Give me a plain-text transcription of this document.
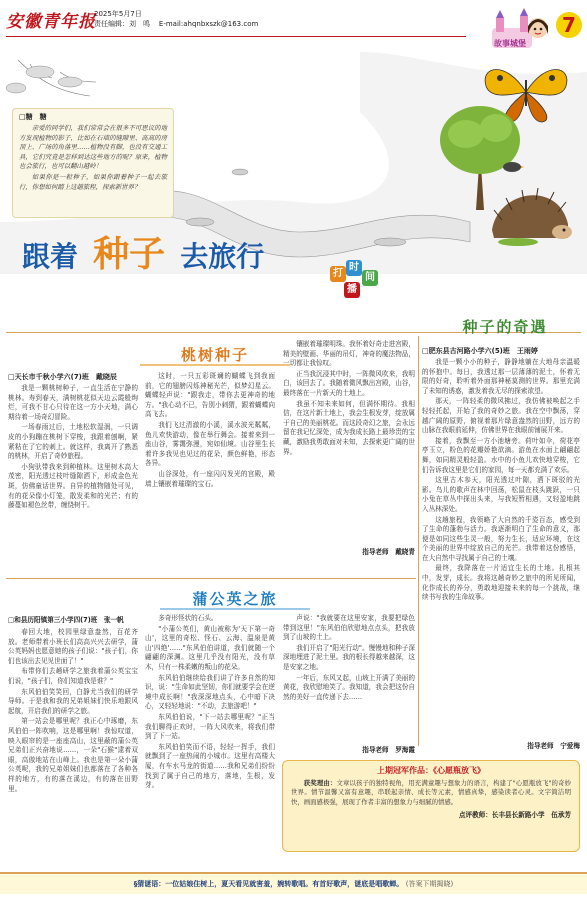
安徽青年报
2025年5月7日
责任编辑：刘　鸣 E-mail:ahqnbxszk@163.com
故事城堡
7
□糖　糖

亲爱的同学们，我们常常会在很多不可思议的地方发现植物的影子，比如在石墙的缝隙里、高高的房顶上、广场的角落里……植物没有脚，也没有交通工具，它们究竟是怎样到达这些地方的呢？原来，植物也会旅行，也可以翻山越岭！

如果你是一粒种子，如果你跟着种子一起去旅行，你想如何踏上这趟旅程，探索新世界？

跟着 种子 去旅行
打
时
间
播
桃树种子
□天长市千秋小学六(7)班　戴晓辰

我是一颗桃树种子，一直生活在宁静的桃林。寿到春天，满树桃花似天边云霞般绚烂，可我不甘心只待在这一方小天地，满心期待着一场奇幻冒险。

一场春雨过后，土地松软湿润，一只调皮的小狗蹦在桃树下穿梭，我跟着刨啊，紧紧粘在了它的刺上。就这样，我离开了熟悉的桃林，开启了奇妙旅程。

小狗驮带我来到种植林。这里树木高大茂密，阳光透过枝叶缝隙洒下，形成金色光斑，仿佛童话世界。自异的植物随处可见，有的花朵像小灯笼，散发柔和的光芒；有的藤蔓如褪色丝带，缠绕树干。

这时，一只五彩斑斓的蝴蝶飞到我面前，它的翅膀闪烁神秘光芒，似梦幻星云。蝴蝶轻声说："跟我走，带你去更神奇的地方。"我心动不已，告别小刺猬，跟着蝴蝶向高飞去。

我们飞过清澈的小溪，溪水波光粼粼，鱼儿欢快游动，像在举行舞会。接着来到一座山谷，雾霭弥漫，宛如仙境。山谷里生长着许多我见也见过的花朵，颜色鲜艳，形态各异。

山谷深处，有一座闪闪发光的宫殿，殿墙上镶嵌着璀璨的宝石。

镶嵌着璀璨明珠。我怀着好奇走进宫殿，精美的壁画、华丽的吊灯，神奇的魔法物品，一切都让我惊叹。

正当我沉浸其中时，一阵微风吹来，我明白，该回去了。我随着微风飘出宫殿，山谷，最终落在一片新天的土地上。

我虽不知未来如何，但满怀期待。我相信，在这片新土地上，我会生根发芽，绽放属于自己的美丽桃花。而这段奇幻之旅，会永远留在我记忆深处，成为我成长路上最珍贵的宝藏，激励我勇敢面对未知，去探索更广阔的世界。

指导老师　戴晓青
种子的奇遇
□肥东县古河路小学六(5)班　王雨婷

我是一颗小小的种子，静静地躺在大地母亲温暖的怀抱中。每日，我透过那一层薄薄的泥土，怀着无限的好奇，聆听着外面那神秘莫测的世界。那里充满了未知的诱惑，激发着我无尽的探索欲望。

那天，一阵轻柔的微风拂过，我仿佛被唤起之手轻轻托起，开始了我的奇妙之旅。我在空中飘荡，穿越广阔的原野，俯视着那片绿意盎然的田野，远方的山脉在我眼前延伸，仿佛世界在我眼前铺展开来。

接着，我飘至一方小池塘旁。荷叶如伞，荷花亭亭玉立，粉色的花瓣娇艳欲滴。游鱼在水面上翩翩起舞，如同精灵般轻盈。水中的小鱼儿欢快地穿梭，它们告诉我这里是它们的家园，每一天都充满了欢乐。

这里古木参天，阳光透过叶隙，洒下斑驳的光影。鸟儿的歌声在林中回荡，松鼠在枝头跳跃，一只小兔在草丛中探出头来，与我短暂相遇，又轻盈地跳入丛林深处。

这趟旅程，我领略了大自然的千姿百态，感受到了生命的蓬勃与活力。我逐渐明白了生命的意义，那便是如同这些生灵一般，努力生长，适应环境，在这个美丽的世界中绽放自己的光芒。我带着这份感悟，在大自然中寻找属于自己的土壤。

最终，我降落在一片适宜生长的土地。扎根其中，发芽，成长。我将这趟奇妙之旅中的所见所闻，化作成长的养分，勇敢地迎接未来的每一个挑战，继续书写我的生命故事。

指导老师　宁爱梅
蒲公英之旅
□和县历阳镇第三小学四(7)班　张一帆

春回大地，校园里绿意盎然，百花齐放。老师带着小班长们高高兴兴去研学，蒲公英妈妈也愿意她的孩子们说："孩子们，你们也该出去见见世面了！"

布带你们去趟研学之旅我着蒲公英宝宝们说，"孩子们，你们知道我是谁？"

东风伯伯笑笑回，白静尤当我们的研学导师。于是我和我的兄弟姐妹们快乐地跟风起航，开启我们的研学之旅。

第一站会是哪里呢？我正心中琢磨，东风伯伯一阵吹响，这是哪里啊！我惊叹道，映入眼帘的是一座座高山，这里蔽的蒲公英兄弟们正兴奋地说……，一朵"石猴"逮着双眼，高傲地站在山峰上。我也是第一朵小蒲公英呢，我的兄弟姐妹们也都落在了各种各样的地方，有的落在溪边，有的落在田野里。

多奇形怪状的石头。

"小蒲公英们，黄山被称为'天下第一奇山'，这里的奇松、怪石、云海、温泉是黄山'四绝'……"东风伯伯讲道，我们就随一个翩翩的深渊。这里几乎没有阳光，没有草木，只有一株柔嫩的叛山的花朵。

东风伯伯继续给我们讲了许多自然的知识，说："生命如此坚韧，你们就要学会在逆境中成长啊！"我深深地点头，心中暗下决心，又轻轻地说："不动，去旅游吧！"

东风伯伯说，"下一站去哪里呢？"正当我们聊得正欢时，一阵大风吹来，将我们带到了下一站。

东风伯伯笑而不语，轻轻一挥手，我们就飘到了一座热闹的小城市。这里有高楼大厦，有车水马龙的街道……我和兄弟们纷纷找到了属于自己的地方，落地，生根，发芽。

声说："我就要在这里安家，我要把绿色带到这里！"东风伯伯欣慰地点点头，把我放到了山坡的土上。

我们开启了"阳光行动"。慢慢地和种子深深地埋进了泥土里。我的根长得越来越深，这是安家之地。

一年后，东风又起，山坡上开满了美丽的黄花，我欣慰地笑了。我知道，我会把这份自然的美好一直传递下去……

指导老师　罗海霞
上期冠军作品：《心愿瓶放飞》
获奖理由：文章以孩子的独特视角，用充满童趣与想象力的语言，构建了"心愿瓶放飞"的奇妙世界。情节温馨又富有意趣，串联起亲情、成长等元素，情感真挚，感染读者心灵。文字简洁明快，画面感极强，展现了作者丰富的想象力与细腻的情感。
点评教师：长丰县长新路小学　伍承芳
§猜谜语：一位姑娘住树上，夏天看见就害羞，婉转歌唱。有首好歌声，谜底是唱歌蝉。 (答案下期揭晓)
